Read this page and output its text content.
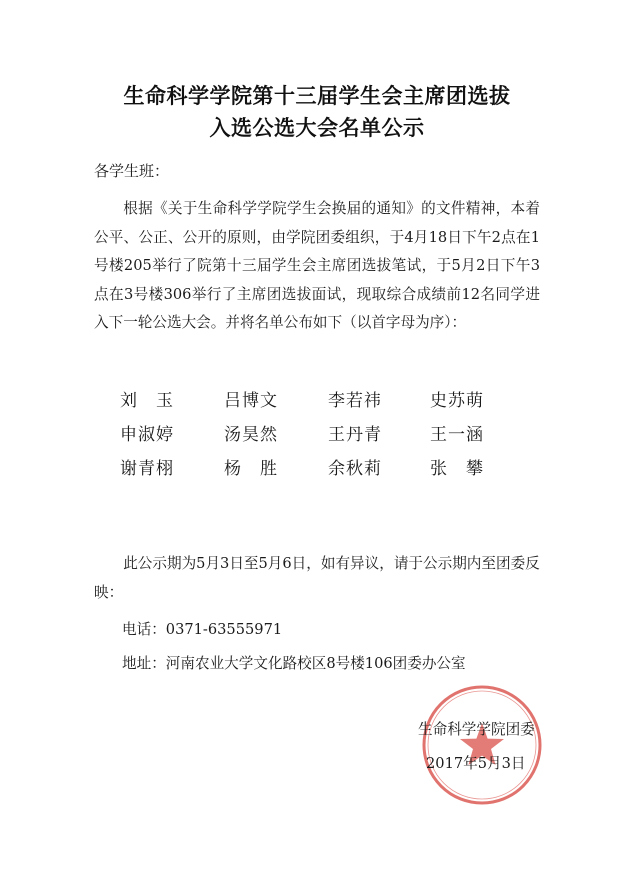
生命科学学院第十三届学生会主席团选拔
入选公选大会名单公示
各学生班：

根据《关于生命科学学院学生会换届的通知》的文件精神，本着公平、公正、公开的原则，由学院团委组织，于4月18日下午2点在1号楼205举行了院第十三届学生会主席团选拔笔试，于5月2日下午3点在3号楼306举行了主席团选拔面试，现取综合成绩前12名同学进入下一轮公选大会。并将名单公布如下（以首字母为序）：

刘　玉	吕博文	李若祎	史苏萌
申淑婷	汤昊然	王丹青	王一涵
谢青栩	杨　胜	余秋莉	张　攀

此公示期为5月3日至5月6日，如有异议，请于公示期内至团委反映：

电话：0371-63555971
地址：河南农业大学文化路校区8号楼106团委办公室
生命科学学院团委
2017年5月3日
